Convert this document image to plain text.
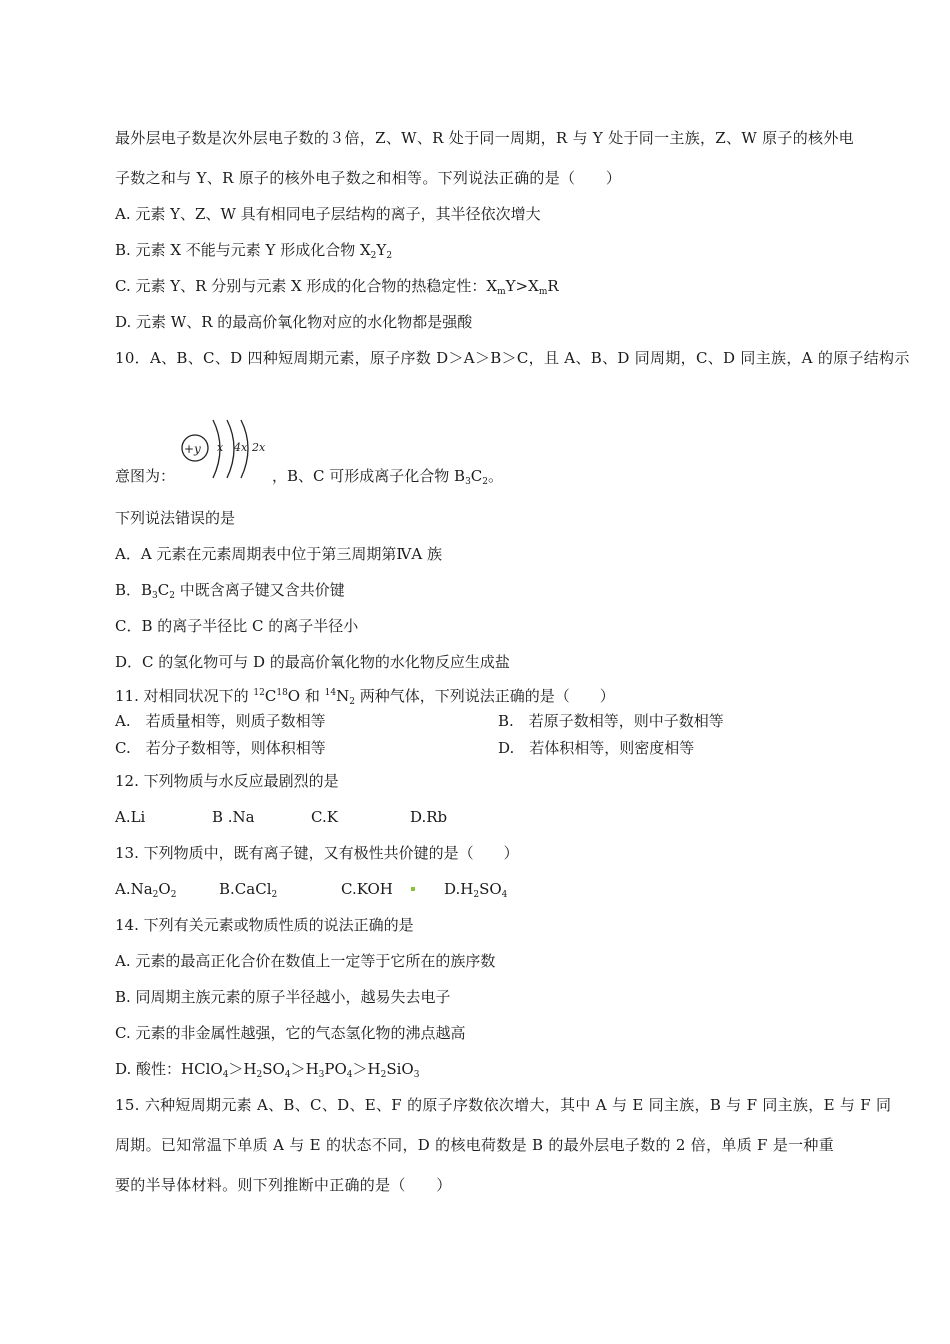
最外层电子数是次外层电子数的３倍，Z、W、R 处于同一周期，R 与 Y 处于同一主族，Z、W 原子的核外电
子数之和与 Y、R 原子的核外电子数之和相等。下列说法正确的是（　　）
A. 元素 Y、Z、W 具有相同电子层结构的离子，其半径依次增大
B. 元素 X 不能与元素 Y 形成化合物 $X_2Y_2$
C. 元素 Y、R 分别与元素 X 形成的化合物的热稳定性：$X_mY>X_mR$
D. 元素 W、R 的最高价氧化物对应的水化物都是强酸
10．A、B、C、D 四种短周期元素，原子序数 D＞A＞B＞C，且 A、B、D 同周期，C、D 同主族，A 的原子结构示
+y x 4x 2x
意图为：	，B、C 可形成离子化合物 $B_3C_2$。
下列说法错误的是
A．A 元素在元素周期表中位于第三周期第ⅣA 族
B．$B_3C_2$ 中既含离子键又含共价键
C．B 的离子半径比 C 的离子半径小
D．C 的氢化物可与 D 的最高价氧化物的水化物反应生成盐
11. 对相同状况下的 $^{12}C^{18}O$ 和 $^{14}N_2$ 两种气体，下列说法正确的是（　　）
A.　若质量相等，则质子数相等	B.　若原子数相等，则中子数相等
C.　若分子数相等，则体积相等	D.　若体积相等，则密度相等
12. 下列物质与水反应最剧烈的是
A.Li	B .Na	C.K	D.Rb
13. 下列物质中，既有离子键，又有极性共价键的是（　　）
$A.Na_2O_2$	B.CaCl$_2$	C.KOH	$D.H_2SO_4$
14. 下列有关元素或物质性质的说法正确的是
A. 元素的最高正化合价在数值上一定等于它所在的族序数
B. 同周期主族元素的原子半径越小，越易失去电子
C. 元素的非金属性越强，它的气态氢化物的沸点越高
D. 酸性：$HClO_4>H_2SO_4>H_3PO_4>H_2SiO_3$
15. 六种短周期元素 A、B、C、D、E、F 的原子序数依次增大，其中 A 与 E 同主族，B 与 F 同主族，E 与 F 同
周期。已知常温下单质 A 与 E 的状态不同，D 的核电荷数是 B 的最外层电子数的 2 倍，单质 F 是一种重
要的半导体材料。则下列推断中正确的是（　　）
